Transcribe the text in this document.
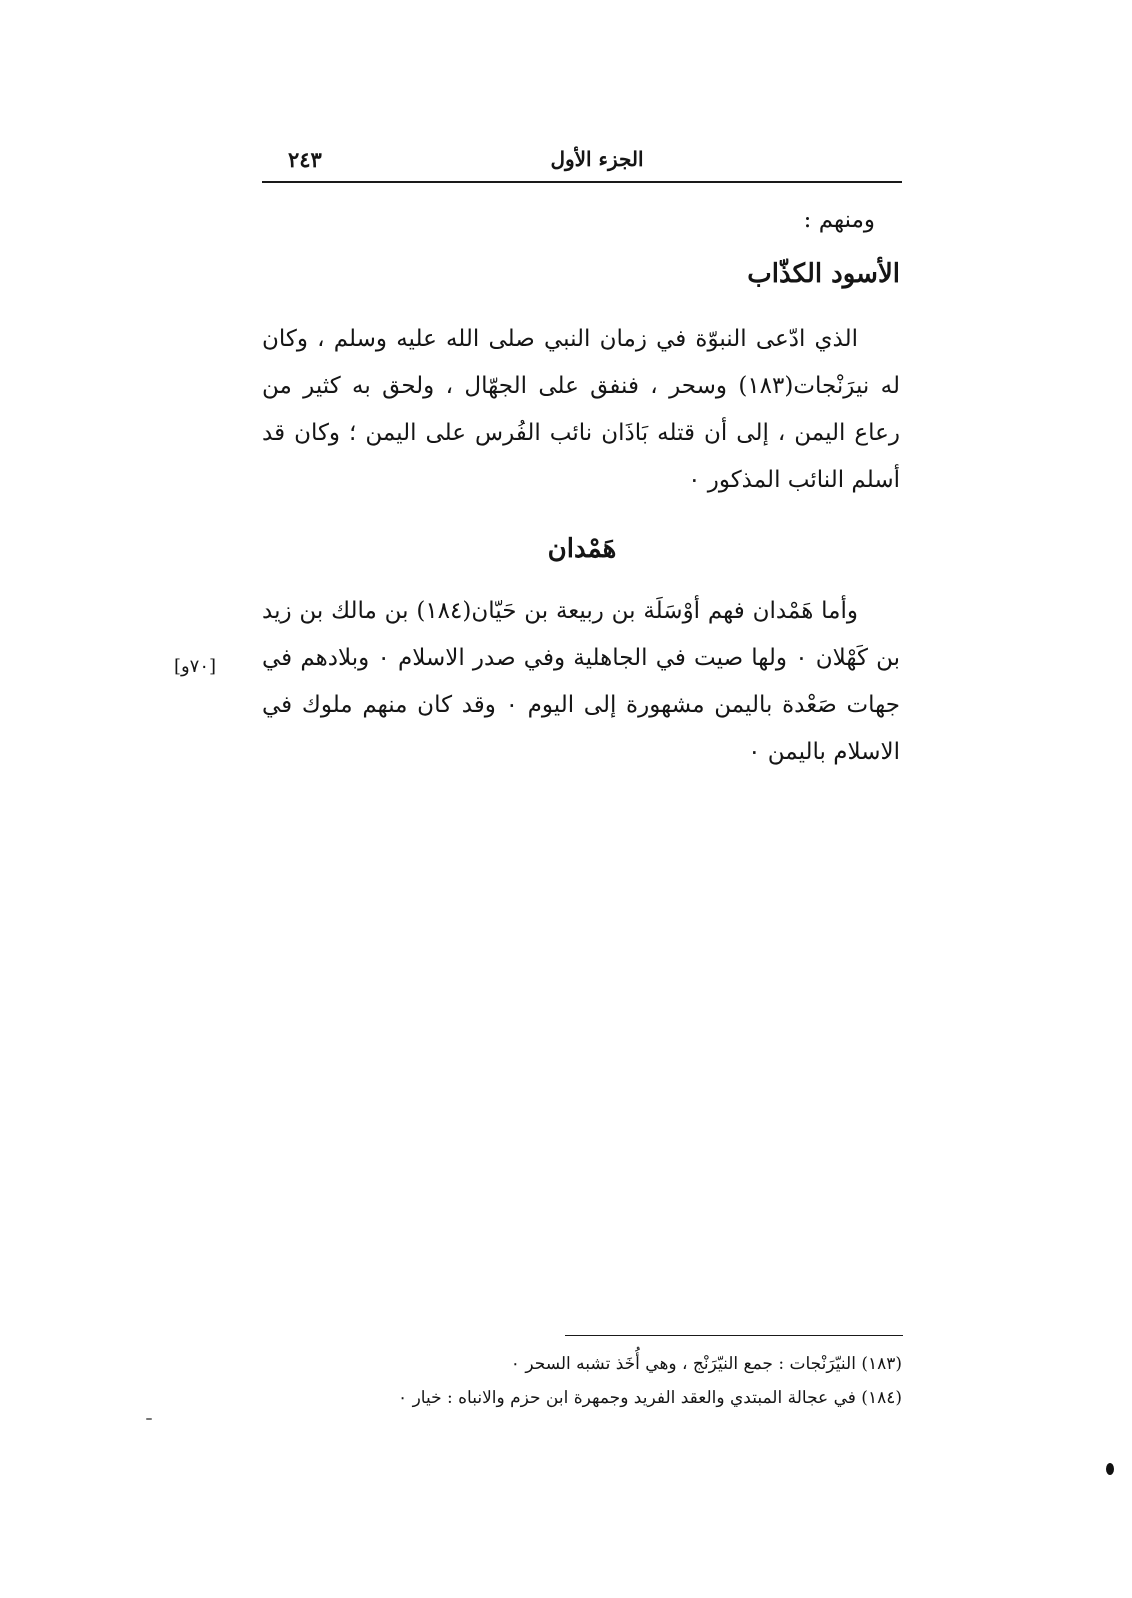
٢٤٣	الجزء الأول
ومنهم :
الأسود الكذّاب

الذي ادّعى النبوّة في زمان النبي صلى الله عليه وسلم ، وكان له نيرَنْجات(١٨٣) وسحر ، فنفق على الجهّال ، ولحق به كثير من رعاع اليمن ، إلى أن قتله بَاذَان نائب الفُرس على اليمن ؛ وكان قد أسلم النائب المذكور ٠

هَمْدان

وأما هَمْدان فهم أوْسَلَة بن ربيعة بن حَيّان(١٨٤) بن مالك بن زيد بن كَهْلان ٠ ولها صيت في الجاهلية وفي صدر الاسلام ٠ وبلادهم في جهات صَعْدة باليمن مشهورة إلى اليوم ٠ وقد كان منهم ملوك في الاسلام باليمن ٠

[٧٠و]
(١٨٣) النيّرَنْجات : جمع النيّرَنْج ، وهي أُخَذ تشبه السحر ٠
(١٨٤) في عجالة المبتدي والعقد الفريد وجمهرة ابن حزم والانباه : خيار ٠
